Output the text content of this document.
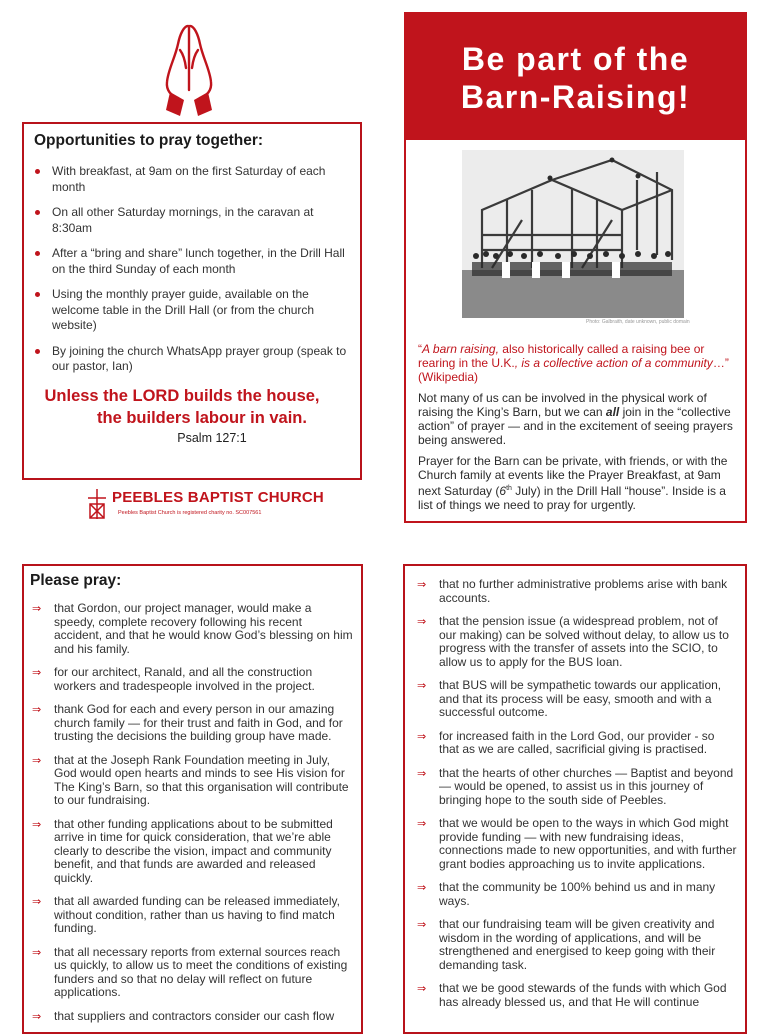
Opportunities to pray together:
With breakfast, at 9am on the first Saturday of each month
On all other Saturday mornings, in the caravan at 8:30am
After a “bring and share” lunch together, in the Drill Hall on the third Sunday of each month
Using the monthly prayer guide, available on the welcome table in the Drill Hall (or from the church website)
By joining the church WhatsApp prayer group (speak to our pastor, Ian)
Unless the LORD builds the house,
the builders labour in vain.
Psalm 127:1
PEEBLES BAPTIST CHURCH
Peebles Baptist Church is registered charity no. SC007561
Be part of the
Barn-Raising!
Photo: Galbraith, date unknown, public domain

“A barn raising, also historically called a raising bee or rearing in the U.K., is a collective action of a community…” (Wikipedia)

Not many of us can be involved in the physical work of raising the King’s Barn, but we can all join in the “collective action” of prayer — and in the excitement of seeing prayers being answered.

Prayer for the Barn can be private, with friends, or with the Church family at events like the Prayer Breakfast, at 9am next Saturday (6th July) in the Drill Hall “house”. Inside is a list of things we need to pray for urgently.

Please pray:
⇒ that Gordon, our project manager, would make a speedy, complete recovery following his recent accident, and that he would know God’s blessing on him and his family.
⇒ for our architect, Ranald, and all the construction workers and tradespeople involved in the project.
⇒ thank God for each and every person in our amazing church family — for their trust and faith in God, and for trusting the decisions the building group have made.
⇒ that at the Joseph Rank Foundation meeting in July, God would open hearts and minds to see His vision for The King’s Barn, so that this organisation will contribute to our fundraising.
⇒ that other funding applications about to be submitted arrive in time for quick consideration, that we’re able clearly to describe the vision, impact and community benefit, and that funds are awarded and released quickly.
⇒ that all awarded funding can be released immediately, without condition, rather than us having to find match funding.
⇒ that all necessary reports from external sources reach us quickly, to allow us to meet the conditions of existing funders and so that no delay will reflect on future applications.
⇒ that suppliers and contractors consider our cash flow
⇒ that no further administrative problems arise with bank accounts.
⇒ that the pension issue (a widespread problem, not of our making) can be solved without delay, to allow us to progress with the transfer of assets into the SCIO, to allow us to apply for the BUS loan.
⇒ that BUS will be sympathetic towards our application, and that its process will be easy, smooth and with a successful outcome.
⇒ for increased faith in the Lord God, our provider - so that as we are called, sacrificial giving is practised.
⇒ that the hearts of other churches — Baptist and beyond — would be opened, to assist us in this journey of bringing hope to the south side of Peebles.
⇒ that we would be open to the ways in which God might provide funding — with new fundraising ideas, connections made to new opportunities, and with further grant bodies approaching us to invite applications.
⇒ that the community be 100% behind us and in many ways.
⇒ that our fundraising team will be given creativity and wisdom in the wording of applications, and will be strengthened and energised to keep going with their demanding task.
⇒ that we be good stewards of the funds with which God has already blessed us, and that He will continue
